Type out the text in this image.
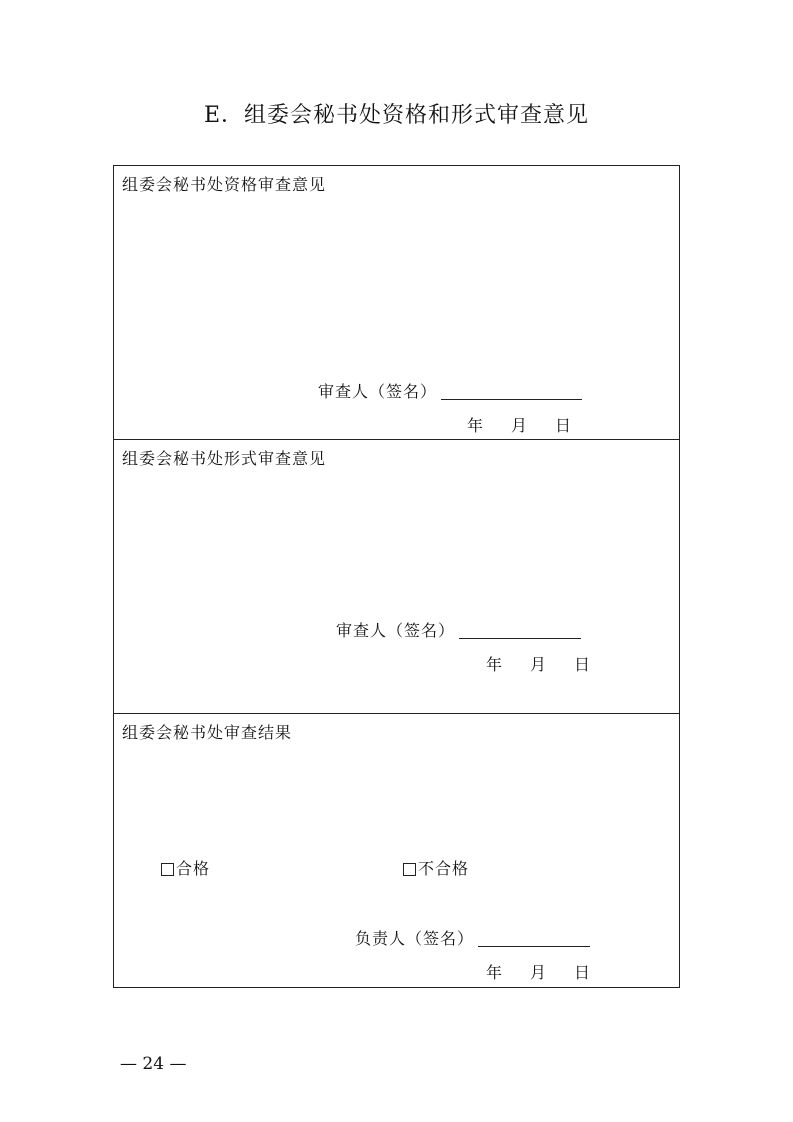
E．组委会秘书处资格和形式审查意见
组委会秘书处资格审查意见
审查人（签名）
年 月 日
组委会秘书处形式审查意见
审查人（签名）
年 月 日
组委会秘书处审查结果
合格	不合格
负责人（签名）
年 月 日
— 24 —
